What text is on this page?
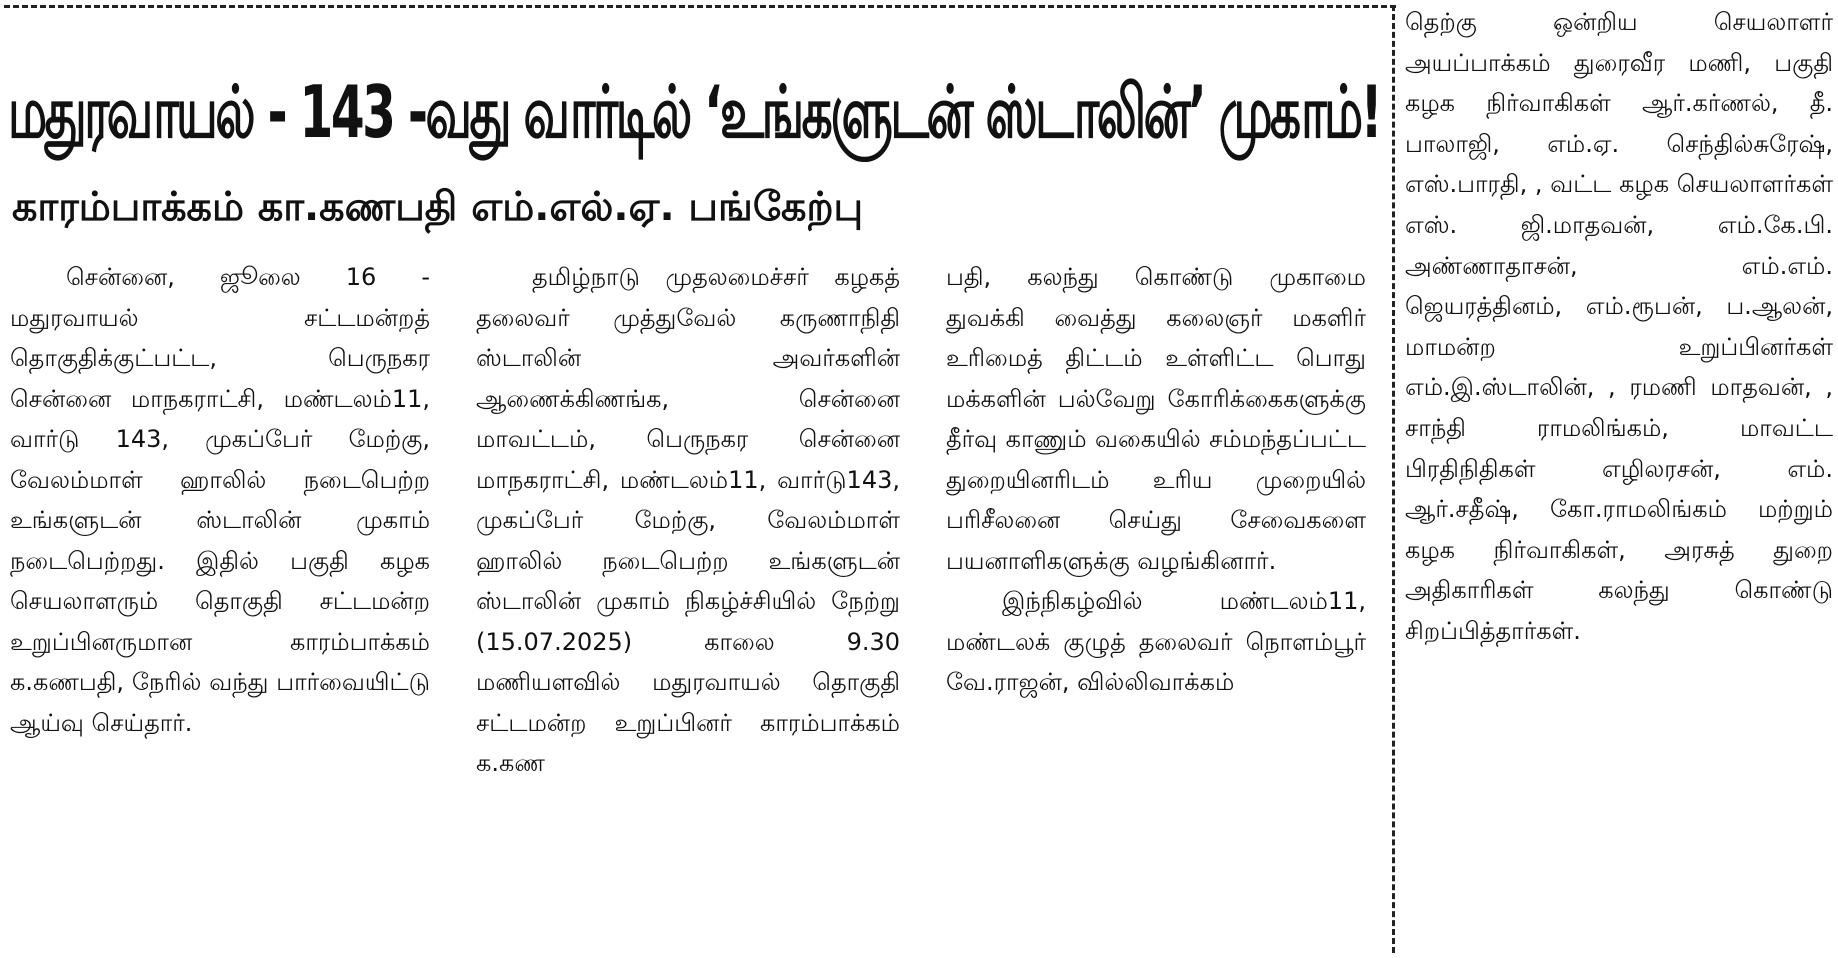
மதுரவாயல் - 143 -வது வார்டில் ‘உங்களுடன் ஸ்டாலின்’ முகாம்!
காரம்பாக்கம் கா.கணபதி எம்.எல்.ஏ. பங்கேற்பு

சென்னை, ஜூலை 16 - மதுரவாயல் சட்டமன்றத் தொகுதிக்குட்பட்ட, பெருநகர சென்னை மாநகராட்சி, மண்டலம்11, வார்டு 143, முகப்பேர் மேற்கு, வேலம்மாள் ஹாலில் நடைபெற்ற உங்களுடன் ஸ்டாலின் முகாம் நடைபெற்றது. இதில் பகுதி கழக செயலாளரும் தொகுதி சட்டமன்ற உறுப்பினருமான காரம்பாக்கம் க.கணபதி, நேரில் வந்து பார்வையிட்டு ஆய்வு செய்தார்.

தமிழ்நாடு முதலமைச்சர் கழகத் தலைவர் முத்துவேல் கருணாநிதி ஸ்டாலின் அவர்களின் ஆணைக்கிணங்க, சென்னை மாவட்டம், பெருநகர சென்னை மாநகராட்சி, மண்டலம்11, வார்டு143, முகப்பேர் மேற்கு, வேலம்மாள் ஹாலில் நடைபெற்ற உங்களுடன் ஸ்டாலின் முகாம் நிகழ்ச்சியில் நேற்று (15.07.2025) காலை 9.30 மணியளவில் மதுரவாயல் தொகுதி சட்டமன்ற உறுப்பினர் காரம்பாக்கம் க.கண

பதி, கலந்து கொண்டு முகாமை துவக்கி வைத்து கலைஞர் மகளிர் உரிமைத் திட்டம் உள்ளிட்ட பொது மக்களின் பல்வேறு கோரிக்கைகளுக்கு தீர்வு காணும் வகையில் சம்மந்தப்பட்ட துறையினரிடம் உரிய முறையில் பரிசீலனை செய்து சேவைகளை பயனாளிகளுக்கு வழங்கினார்.

இந்நிகழ்வில் மண்டலம்11, மண்டலக் குழுத் தலைவர் நொளம்பூர் வே.ராஜன், வில்லிவாக்கம்

தெற்கு ஒன்றிய செயலாளர் அயப்பாக்கம் துரைவீர மணி, பகுதி கழக நிர்வாகிகள் ஆர்.கர்ணல், தீ. பாலாஜி, எம்.ஏ. செந்தில்சுரேஷ், எஸ்.பாரதி, , வட்ட கழக செயலாளர்கள் எஸ். ஜி.மாதவன், எம்.கே.பி. அண்ணாதாசன், எம்.எம். ஜெயரத்தினம், எம்.ரூபன், ப.ஆலன், மாமன்ற உறுப்பினர்கள் எம்.இ.ஸ்டாலின், , ரமணி மாதவன், , சாந்தி ராமலிங்கம், மாவட்ட பிரதிநிதிகள் எழிலரசன், எம். ஆர்.சதீஷ், கோ.ராமலிங்கம் மற்றும் கழக நிர்வாகிகள், அரசுத் துறை அதிகாரிகள் கலந்து கொண்டு சிறப்பித்தார்கள்.
